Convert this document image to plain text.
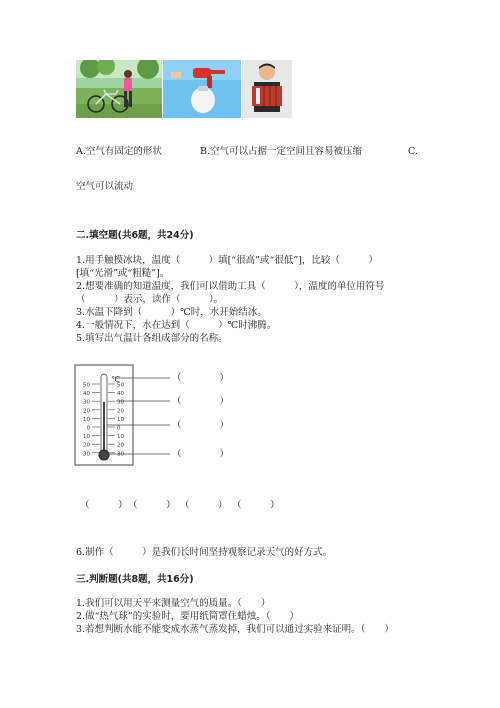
A.空气有固定的形状	B.空气可以占据一定空间且容易被压缩	C.
空气可以流动
二.填空题(共6题，共24分)
1.用手触摸冰块，温度（　　　）填[“很高”或“很低”]，比较（　　　）
[填“光滑”或“粗糙”]。
2.想要准确的知道温度，我们可以借助工具（　　　），温度的单位用符号
（　　　）表示，读作（　　　）。
3.水温下降到（　　　）℃时，水开始结冰。
4.一般情况下，水在达到（　　　）℃时沸腾。
5.填写出气温计各组成部分的名称。
50
40
30
20
10
0
10
20
30
50
40
30
20
10
0
10
20
30
℃	（　　　　）
（　　　　）
（　　　　）
（　　　　）
（　　　） （　　　） （　　　） （　　　）
6.制作（　　　）是我们长时间坚持观察记录天气的好方式。
三.判断题(共8题，共16分)
1.我们可以用天平来测量空气的质量。（　　）
2.做“热气球”的实验时，要用纸筒罩住蜡烛。（　　）
3.若想判断水能不能变成水蒸气蒸发掉，我们可以通过实验来证明。（　　）
